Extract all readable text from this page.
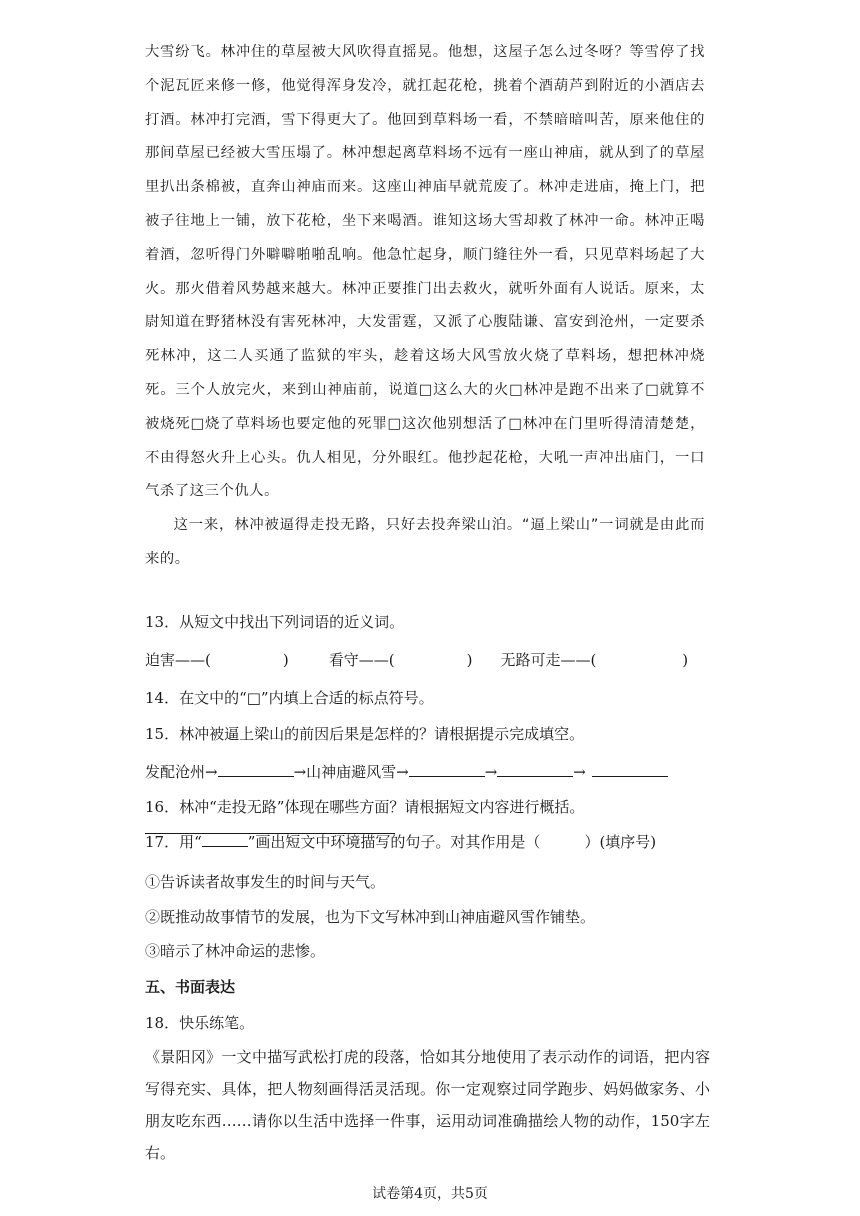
大雪纷飞。林冲住的草屋被大风吹得直摇晃。他想，这屋子怎么过冬呀？等雪停了找个泥瓦匠来修一修，他觉得浑身发冷，就扛起花枪，挑着个酒葫芦到附近的小酒店去打酒。林冲打完酒，雪下得更大了。他回到草料场一看，不禁暗暗叫苦，原来他住的那间草屋已经被大雪压塌了。林冲想起离草料场不远有一座山神庙，就从到了的草屋里扒出条棉被，直奔山神庙而来。这座山神庙早就荒废了。林冲走进庙，掩上门，把被子往地上一铺，放下花枪，坐下来喝酒。谁知这场大雪却救了林冲一命。林冲正喝着酒，忽听得门外噼噼啪啪乱响。他急忙起身，顺门缝往外一看，只见草料场起了大火。那火借着风势越来越大。林冲正要推门出去救火，就听外面有人说话。原来，太尉知道在野猪林没有害死林冲，大发雷霆，又派了心腹陆谦、富安到沧州，一定要杀死林冲，这二人买通了监狱的牢头，趁着这场大风雪放火烧了草料场，想把林冲烧死。三个人放完火，来到山神庙前，说道□这么大的火□林冲是跑不出来了□就算不被烧死□烧了草料场也要定他的死罪□这次他别想活了□林冲在门里听得清清楚楚，不由得怒火升上心头。仇人相见，分外眼红。他抄起花枪，大吼一声冲出庙门，一口气杀了这三个仇人。

这一来，林冲被逼得走投无路，只好去投奔梁山泊。“逼上梁山”一词就是由此而来的。

13．从短文中找出下列词语的近义词。
迫害——(	)	看守——(	) 无路可走——(	)
14．在文中的“□”内填上合适的标点符号。
15．林冲被逼上梁山的前因后果是怎样的？请根据提示完成填空。
发配沧州→	→山神庙避风雪→	→	→
16．林冲“走投无路”体现在哪些方面？请根据短文内容进行概括。
17．用“	”画出短文中环境描写的句子。对其作用是（	）(填序号)
①告诉读者故事发生的时间与天气。
②既推动故事情节的发展，也为下文写林冲到山神庙避风雪作铺垫。
③暗示了林冲命运的悲惨。
五、书面表达
18．快乐练笔。
《景阳冈》一文中描写武松打虎的段落，恰如其分地使用了表示动作的词语，把内容写得充实、具体，把人物刻画得活灵活现。你一定观察过同学跑步、妈妈做家务、小朋友吃东西……请你以生活中选择一件事，运用动词准确描绘人物的动作，150字左右。
试卷第4页，共5页
